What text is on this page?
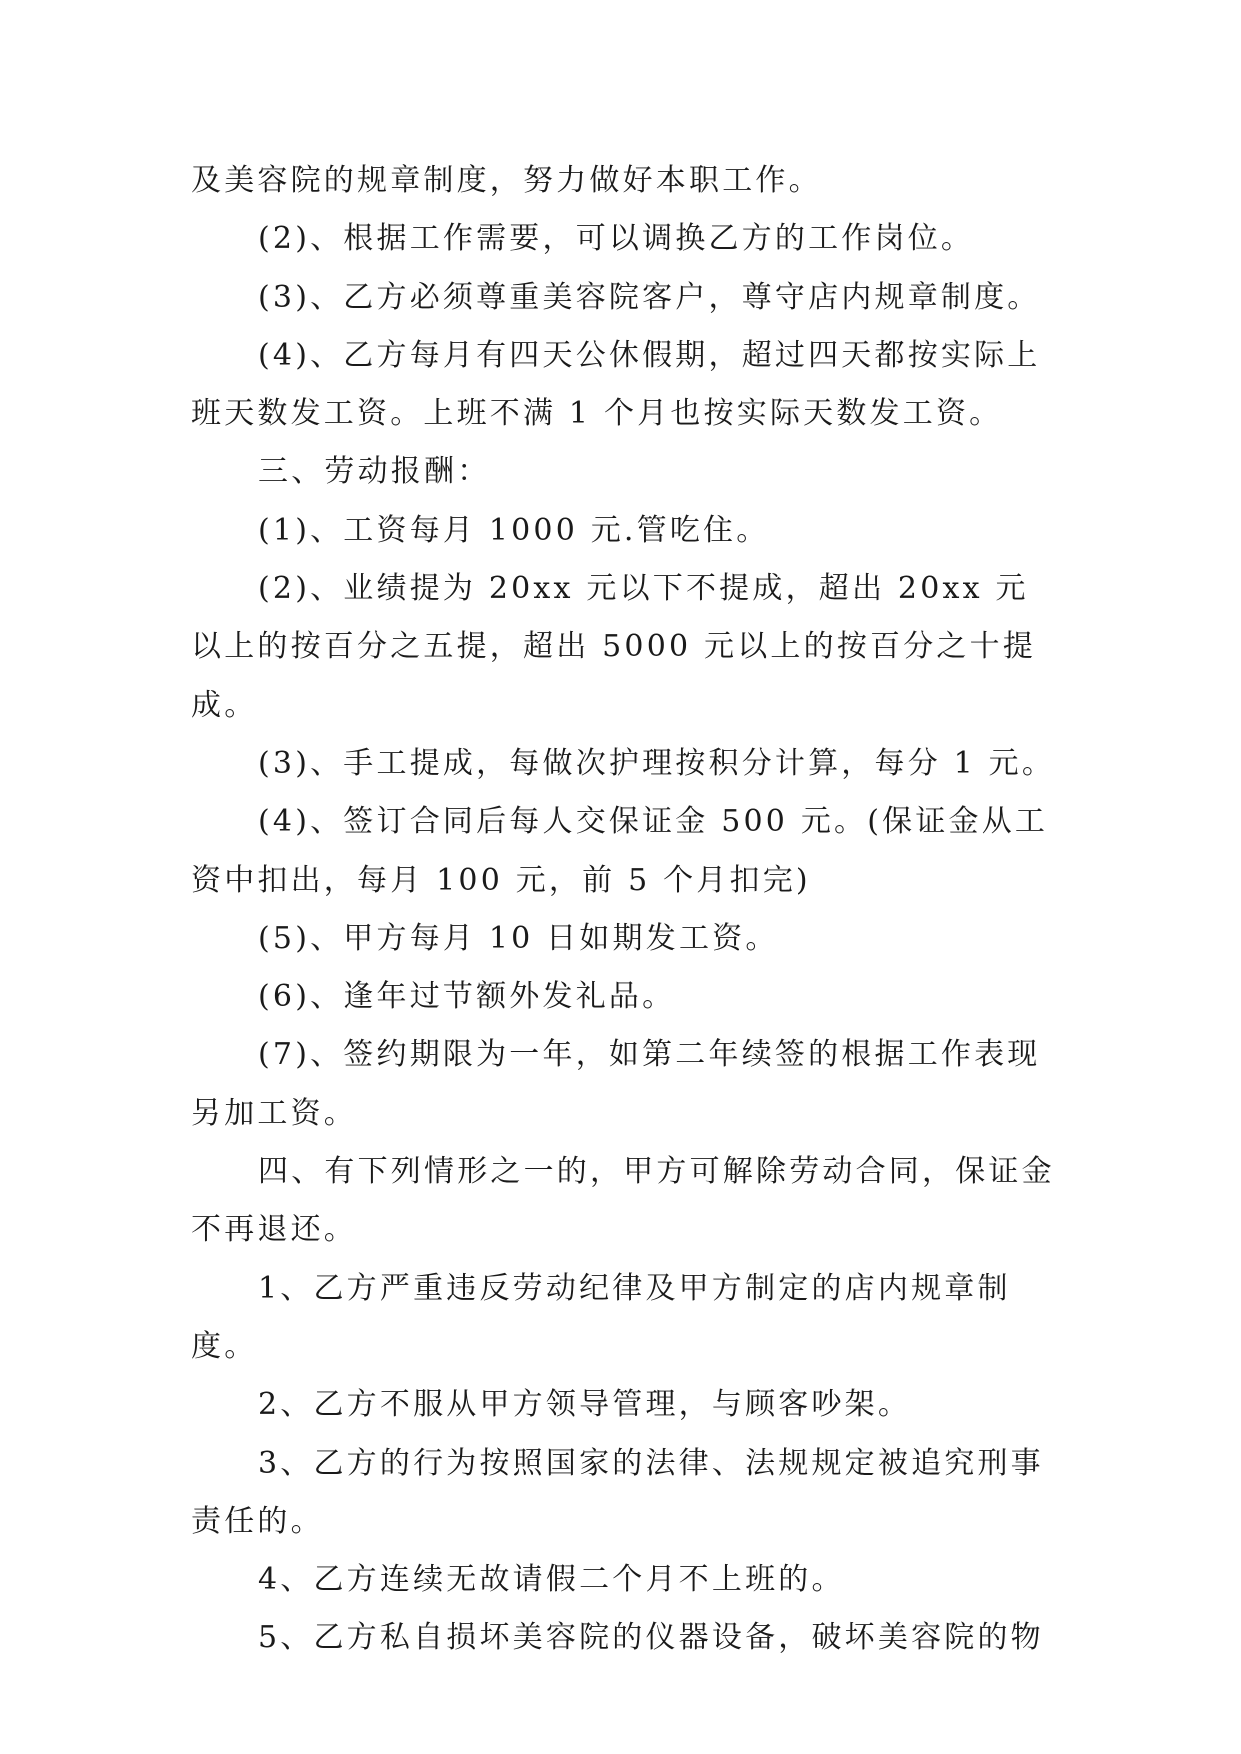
及美容院的规章制度，努力做好本职工作。

(2)、根据工作需要，可以调换乙方的工作岗位。

(3)、乙方必须尊重美容院客户，尊守店内规章制度。

(4)、乙方每月有四天公休假期，超过四天都按实际上班天数发工资。上班不满 1 个月也按实际天数发工资。

三、劳动报酬：

(1)、工资每月 1000 元.管吃住。

(2)、业绩提为 20xx 元以下不提成，超出 20xx 元以上的按百分之五提，超出 5000 元以上的按百分之十提成。

(3)、手工提成，每做次护理按积分计算，每分 1 元。

(4)、签订合同后每人交保证金 500 元。(保证金从工资中扣出，每月 100 元，前 5 个月扣完)

(5)、甲方每月 10 日如期发工资。

(6)、逢年过节额外发礼品。

(7)、签约期限为一年，如第二年续签的根据工作表现另加工资。

四、有下列情形之一的，甲方可解除劳动合同，保证金不再退还。

1、乙方严重违反劳动纪律及甲方制定的店内规章制度。

2、乙方不服从甲方领导管理，与顾客吵架。

3、乙方的行为按照国家的法律、法规规定被追究刑事责任的。

4、乙方连续无故请假二个月不上班的。

5、乙方私自损坏美容院的仪器设备，破坏美容院的物
